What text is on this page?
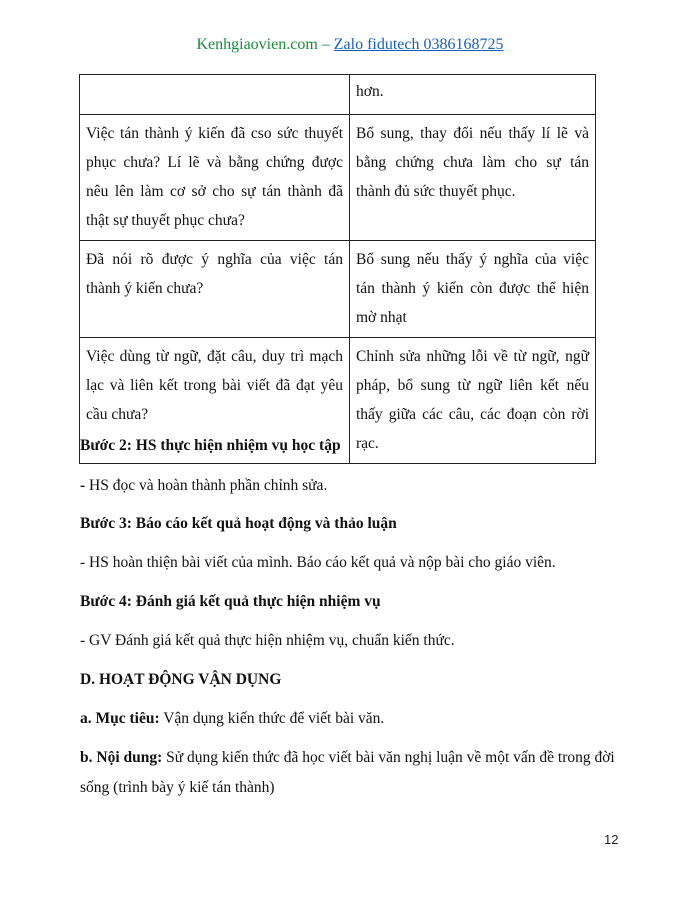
Kenhgiaovien.com – Zalo fidutech 0386168725
	hơn.
Việc tán thành ý kiến đã cso sức thuyết phục chưa? Lí lẽ và bằng chứng được nêu lên làm cơ sở cho sự tán thành đã thật sự thuyết phục chưa?	Bổ sung, thay đổi nếu thấy lí lẽ và bằng chứng chưa làm cho sự tán thành đủ sức thuyết phục.
Đã nói rõ được ý nghĩa của việc tán thành ý kiến chưa?	Bổ sung nếu thấy ý nghĩa của việc tán thành ý kiến còn được thể hiện mờ nhạt
Việc dùng từ ngữ, đặt câu, duy trì mạch lạc và liên kết trong bài viết đã đạt yêu cầu chưa?	Chỉnh sửa những lỗi về từ ngữ, ngữ pháp, bổ sung từ ngữ liên kết nếu thấy giữa các câu, các đoạn còn rời rạc.
Bước 2: HS thực hiện nhiệm vụ học tập
- HS đọc và hoàn thành phần chỉnh sửa.
Bước 3: Báo cáo kết quả hoạt động và thảo luận
- HS hoàn thiện bài viết của mình. Báo cáo kết quả và nộp bài cho giáo viên.
Bước 4: Đánh giá kết quả thực hiện nhiệm vụ
- GV Đánh giá kết quả thực hiện nhiệm vụ, chuẩn kiến thức.
D. HOẠT ĐỘNG VẬN DỤNG
a. Mục tiêu: Vận dụng kiến thức để viết bài văn.
b. Nội dung: Sử dụng kiến thức đã học viết bài văn nghị luận về một vấn đề trong đời sống (trình bày ý kiế tán thành)
12
